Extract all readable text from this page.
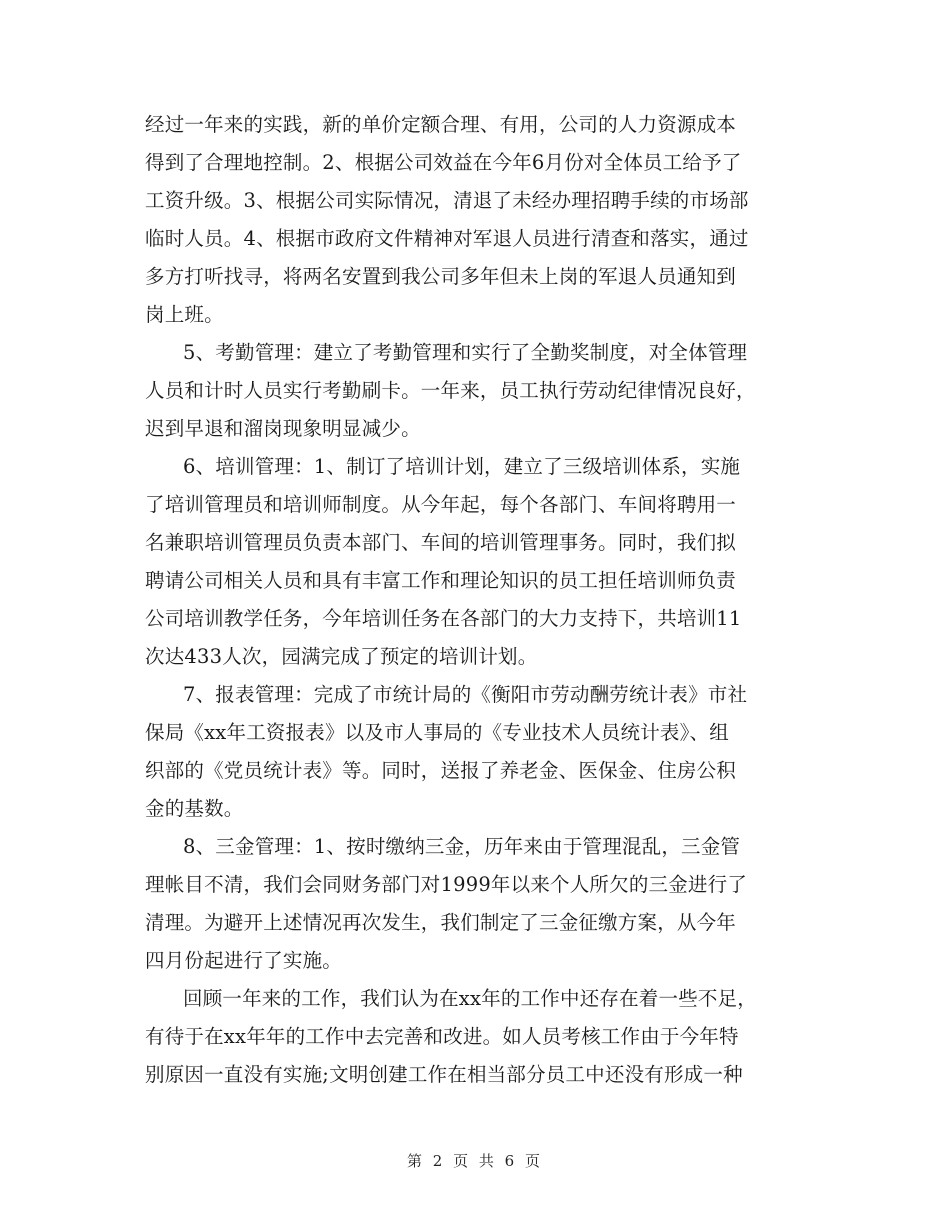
经过一年来的实践，新的单价定额合理、有用，公司的人力资源成本
得到了合理地控制。2、根据公司效益在今年6月份对全体员工给予了
工资升级。3、根据公司实际情况，清退了未经办理招聘手续的市场部
临时人员。4、根据市政府文件精神对军退人员进行清查和落实，通过
多方打听找寻，将两名安置到我公司多年但未上岗的军退人员通知到
岗上班。
5、考勤管理：建立了考勤管理和实行了全勤奖制度，对全体管理
人员和计时人员实行考勤刷卡。一年来，员工执行劳动纪律情况良好，
迟到早退和溜岗现象明显减少。
6、培训管理：1、制订了培训计划，建立了三级培训体系，实施
了培训管理员和培训师制度。从今年起，每个各部门、车间将聘用一
名兼职培训管理员负责本部门、车间的培训管理事务。同时，我们拟
聘请公司相关人员和具有丰富工作和理论知识的员工担任培训师负责
公司培训教学任务，今年培训任务在各部门的大力支持下，共培训11
次达433人次，园满完成了预定的培训计划。
7、报表管理：完成了市统计局的《衡阳市劳动酬劳统计表》市社
保局《xx年工资报表》以及市人事局的《专业技术人员统计表》、组
织部的《党员统计表》等。同时，送报了养老金、医保金、住房公积
金的基数。
8、三金管理：1、按时缴纳三金，历年来由于管理混乱，三金管
理帐目不清，我们会同财务部门对1999年以来个人所欠的三金进行了
清理。为避开上述情况再次发生，我们制定了三金征缴方案，从今年
四月份起进行了实施。
回顾一年来的工作，我们认为在xx年的工作中还存在着一些不足，
有待于在xx年年的工作中去完善和改进。如人员考核工作由于今年特
别原因一直没有实施;文明创建工作在相当部分员工中还没有形成一种
第 2 页 共 6 页
